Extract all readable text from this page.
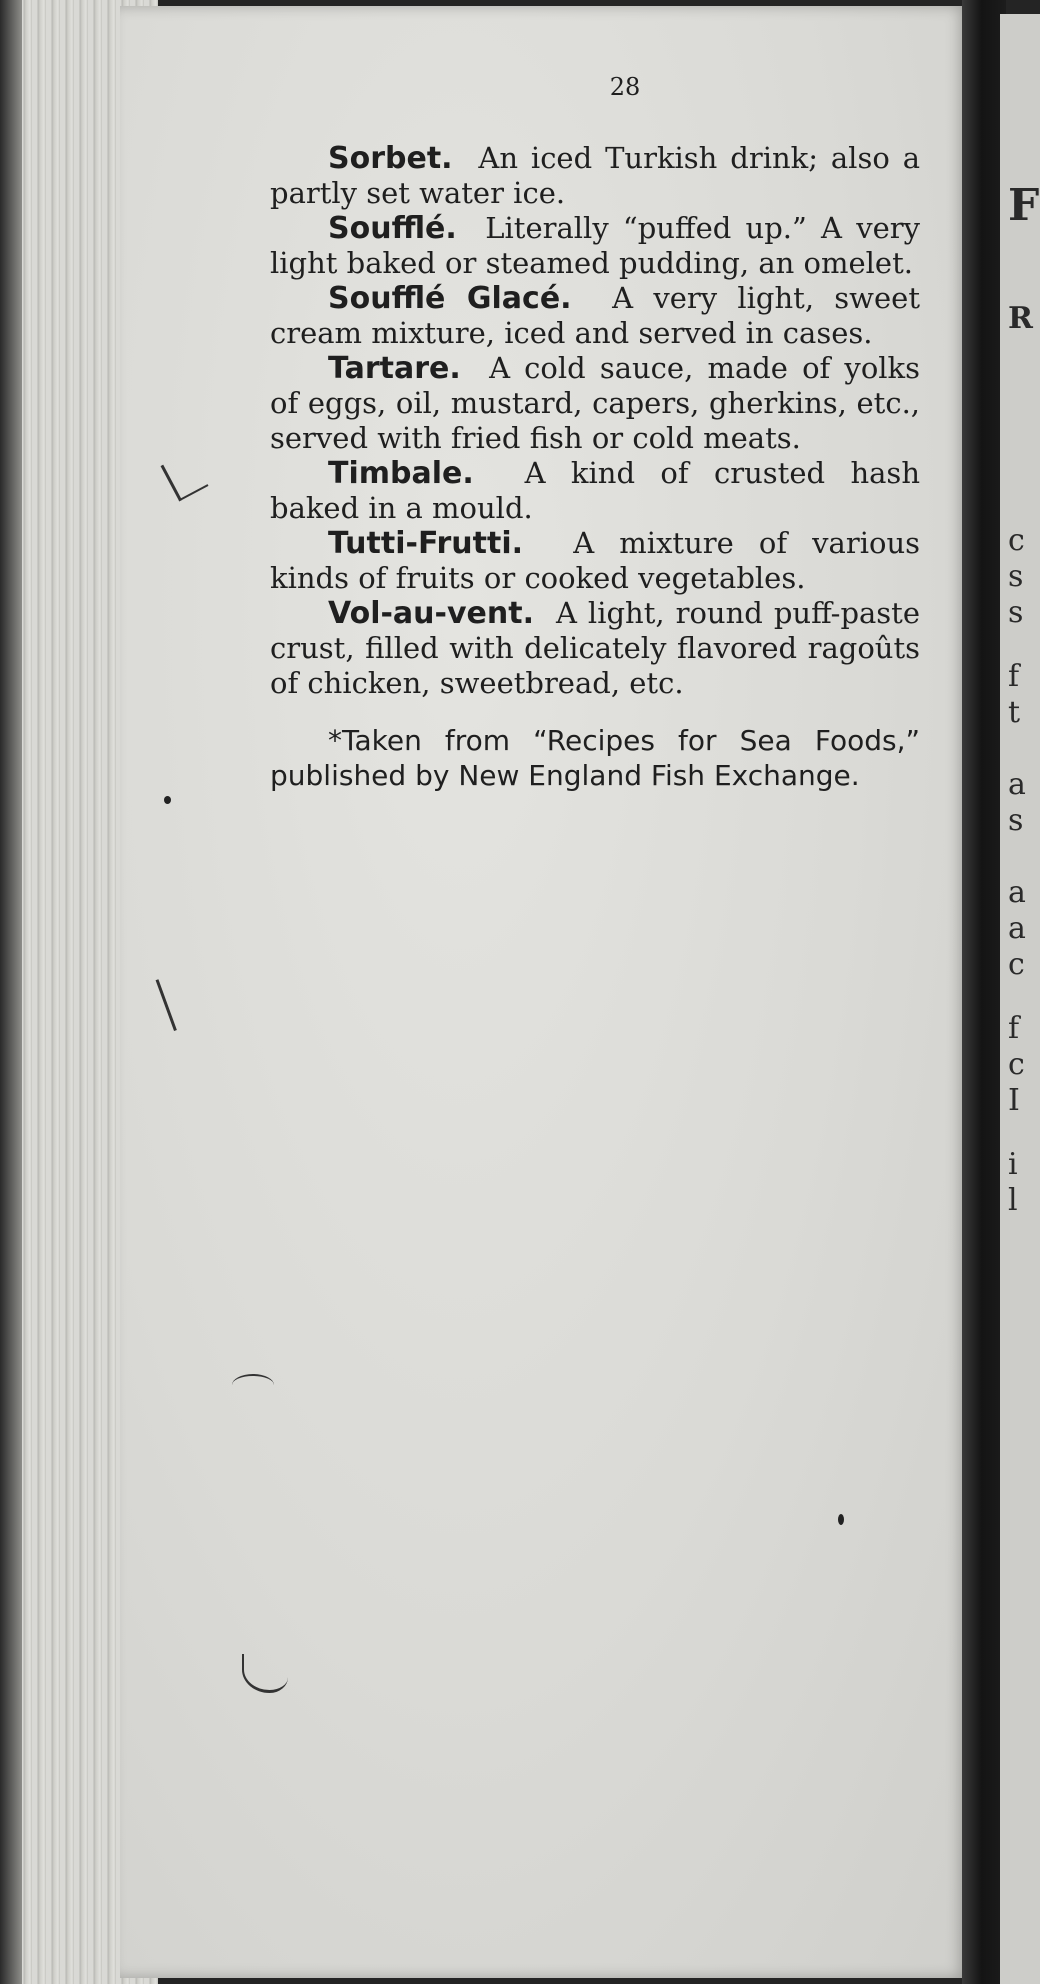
F
R
c
s
s
f
t
a
s
a
a
c
f
c
I
i
l
28

Sorbet. An iced Turkish drink; also a partly set water ice.

Soufflé. Literally “puffed up.” A very light baked or steamed pudding, an omelet.

Soufflé Glacé. A very light, sweet cream mixture, iced and served in cases.

Tartare. A cold sauce, made of yolks of eggs, oil, mustard, capers, gherkins, etc., served with fried fish or cold meats.

Timbale. A kind of crusted hash baked in a mould.

Tutti-Frutti. A mixture of various kinds of fruits or cooked vegetables.

Vol-au-vent. A light, round puff-paste crust, filled with delicately flavored ragoûts of chicken, sweetbread, etc.

*Taken from “Recipes for Sea Foods,” published by New England Fish Exchange.
